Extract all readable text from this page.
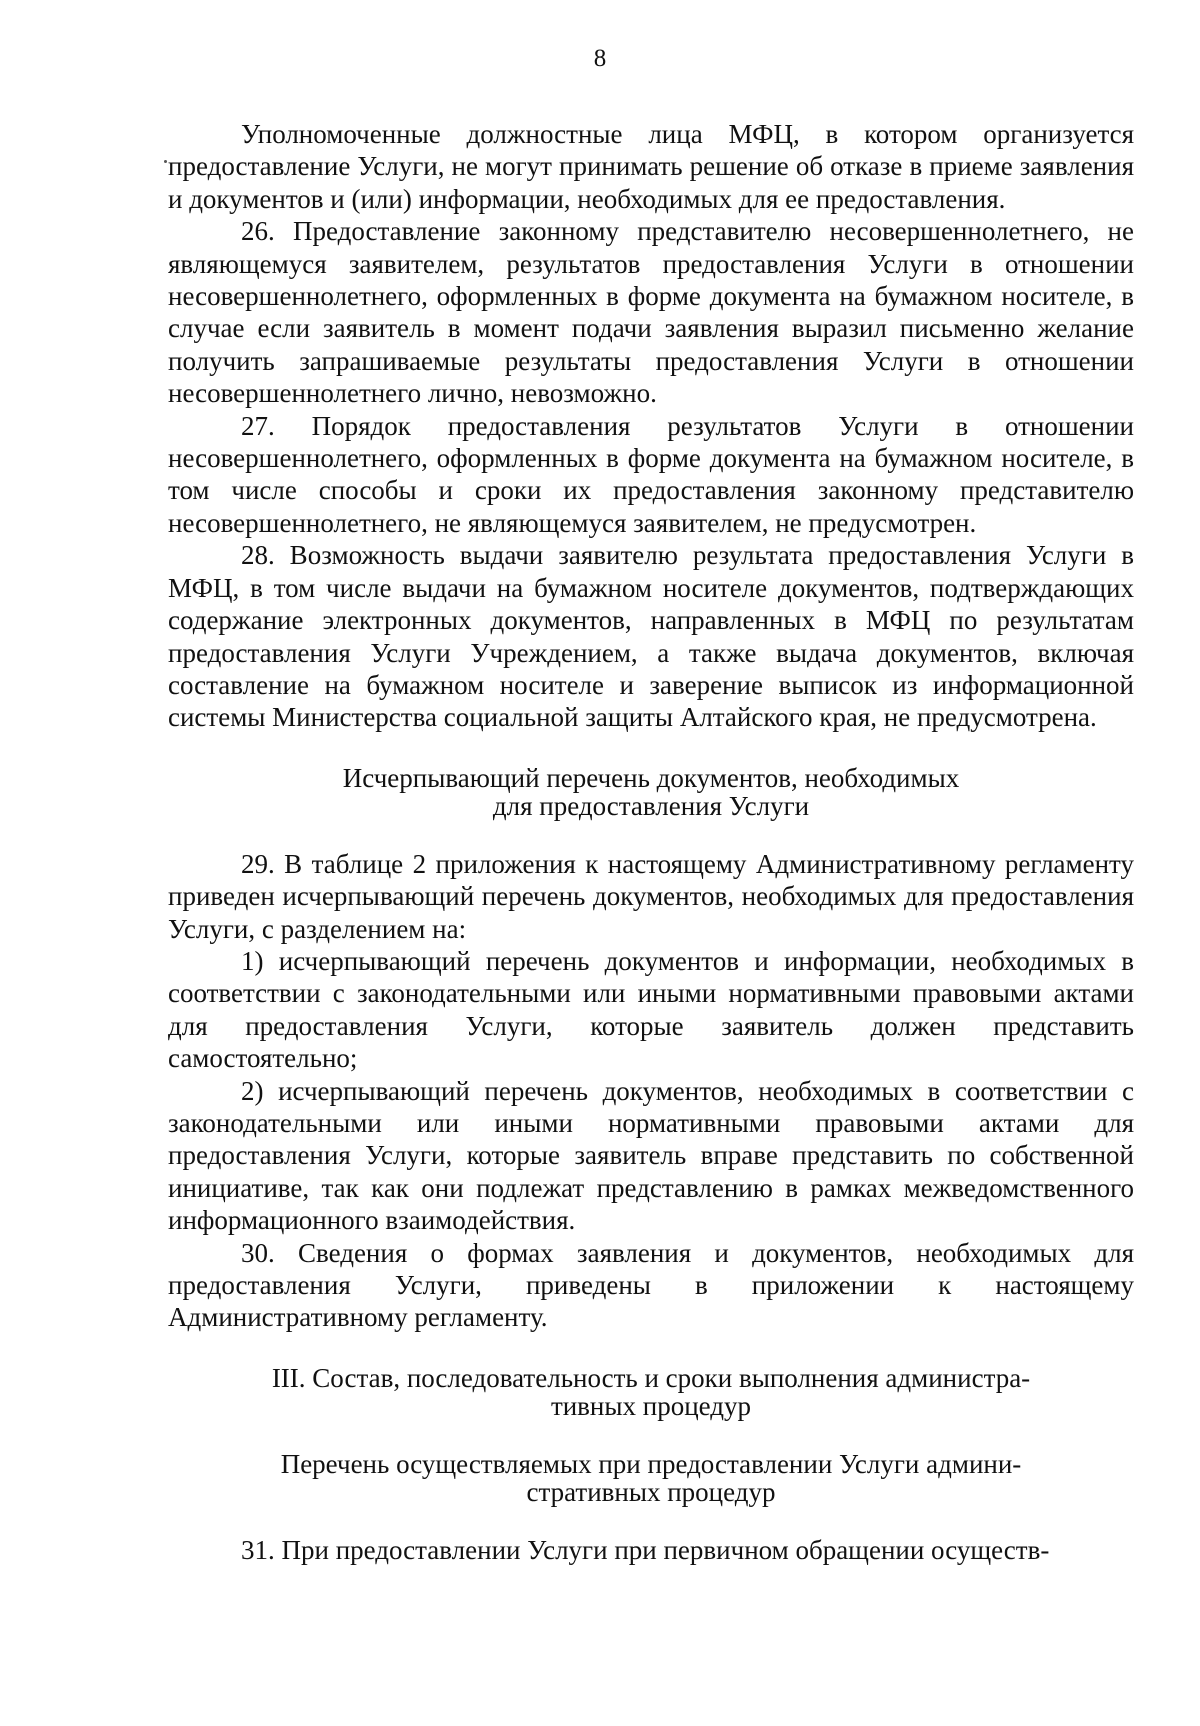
8

Уполномоченные должностные лица МФЦ, в котором организуется предоставление Услуги, не могут принимать решение об отказе в приеме заявления и документов и (или) информации, необходимых для ее предоставления.

26. Предоставление законному представителю несовершеннолетнего, не являющемуся заявителем, результатов предоставления Услуги в отношении несовершеннолетнего, оформленных в форме документа на бумажном носителе, в случае если заявитель в момент подачи заявления выразил письменно желание получить запрашиваемые результаты предоставления Услуги в отношении несовершеннолетнего лично, невозможно.

27. Порядок предоставления результатов Услуги в отношении несовершеннолетнего, оформленных в форме документа на бумажном носителе, в том числе способы и сроки их предоставления законному представителю несовершеннолетнего, не являющемуся заявителем, не предусмотрен.

28. Возможность выдачи заявителю результата предоставления Услуги в МФЦ, в том числе выдачи на бумажном носителе документов, подтверждающих содержание электронных документов, направленных в МФЦ по результатам предоставления Услуги Учреждением, а также выдача документов, включая составление на бумажном носителе и заверение выписок из информационной системы Министерства социальной защиты Алтайского края, не предусмотрена.

Исчерпывающий перечень документов, необходимых
для предоставления Услуги

29. В таблице 2 приложения к настоящему Административному регламенту приведен исчерпывающий перечень документов, необходимых для предоставления Услуги, с разделением на:

1) исчерпывающий перечень документов и информации, необходимых в соответствии с законодательными или иными нормативными правовыми актами для предоставления Услуги, которые заявитель должен представить самостоятельно;

2) исчерпывающий перечень документов, необходимых в соответствии с законодательными или иными нормативными правовыми актами для предоставления Услуги, которые заявитель вправе представить по собственной инициативе, так как они подлежат представлению в рамках межведомственного информационного взаимодействия.

30. Сведения о формах заявления и документов, необходимых для предоставления Услуги, приведены в приложении к настоящему Административному регламенту.

III. Состав, последовательность и сроки выполнения администра-
тивных процедур
Перечень осуществляемых при предоставлении Услуги админи-
стративных процедур

31. При предоставлении Услуги при первичном обращении осуществ-
